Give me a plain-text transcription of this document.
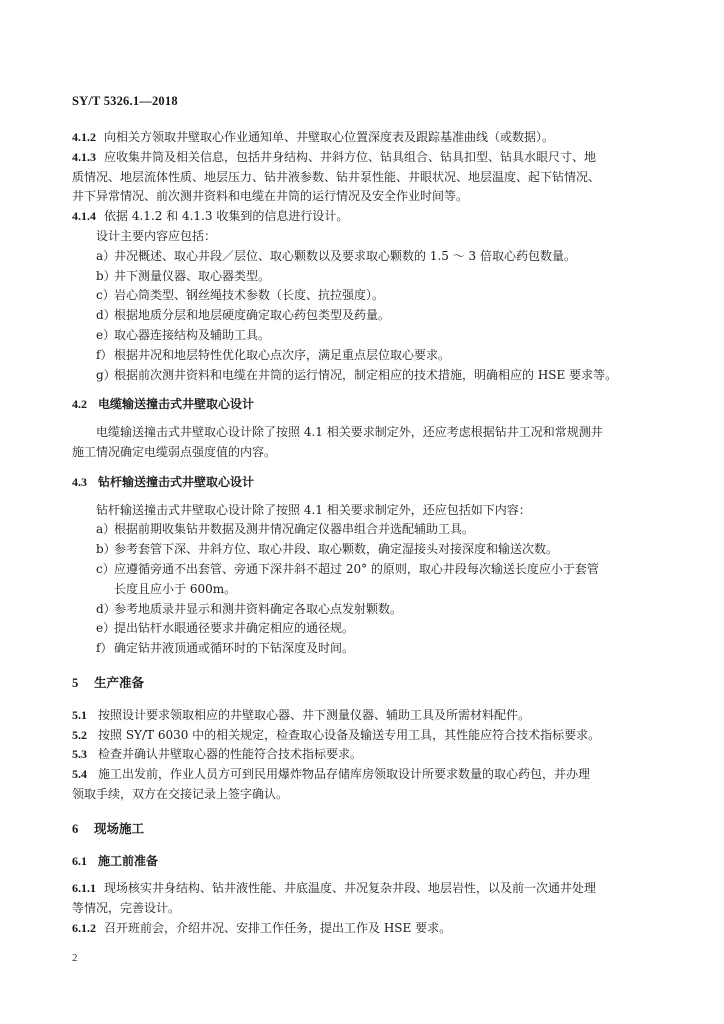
SY/T 5326.1—2018

4.1.2 向相关方领取井壁取心作业通知单、井壁取心位置深度表及跟踪基准曲线（或数据）。

4.1.3 应收集井筒及相关信息，包括井身结构、井斜方位、钻具组合、钻具扣型、钻具水眼尺寸、地

质情况、地层流体性质、地层压力、钻井液参数、钻井泵性能、井眼状况、地层温度、起下钻情况、

井下异常情况、前次测井资料和电缆在井筒的运行情况及安全作业时间等。

4.1.4 依据 4.1.2 和 4.1.3 收集到的信息进行设计。

设计主要内容应包括：

a）井况概述、取心井段／层位、取心颗数以及要求取心颗数的 1.5 ～ 3 倍取心药包数量。

b）井下测量仪器、取心器类型。

c）岩心筒类型、钢丝绳技术参数（长度、抗拉强度）。

d）根据地质分层和地层硬度确定取心药包类型及药量。

e）取心器连接结构及辅助工具。

f） 根据井况和地层特性优化取心点次序，满足重点层位取心要求。

g）根据前次测井资料和电缆在井筒的运行情况，制定相应的技术措施，明确相应的 HSE 要求等。

4.2 电缆输送撞击式井壁取心设计

电缆输送撞击式井壁取心设计除了按照 4.1 相关要求制定外，还应考虑根据钻井工况和常规测井

施工情况确定电缆弱点强度值的内容。

4.3 钻杆输送撞击式井壁取心设计

钻杆输送撞击式井壁取心设计除了按照 4.1 相关要求制定外，还应包括如下内容：

a）根据前期收集钻井数据及测井情况确定仪器串组合并选配辅助工具。

b）参考套管下深、井斜方位、取心井段、取心颗数，确定湿接头对接深度和输送次数。

c）应遵循旁通不出套管、旁通下深井斜不超过 20° 的原则，取心井段每次输送长度应小于套管

长度且应小于 600m。

d）参考地质录井显示和测井资料确定各取心点发射颗数。

e）提出钻杆水眼通径要求并确定相应的通径规。

f） 确定钻井液顶通或循环时的下钻深度及时间。

5 生产准备

5.1 按照设计要求领取相应的井壁取心器、井下测量仪器、辅助工具及所需材料配件。

5.2 按照 SY/T 6030 中的相关规定，检查取心设备及输送专用工具，其性能应符合技术指标要求。

5.3 检查并确认井壁取心器的性能符合技术指标要求。

5.4 施工出发前，作业人员方可到民用爆炸物品存储库房领取设计所要求数量的取心药包，并办理

领取手续，双方在交接记录上签字确认。

6 现场施工

6.1 施工前准备

6.1.1 现场核实井身结构、钻井液性能、井底温度、井况复杂井段、地层岩性，以及前一次通井处理

等情况，完善设计。

6.1.2 召开班前会，介绍井况、安排工作任务，提出工作及 HSE 要求。

2
